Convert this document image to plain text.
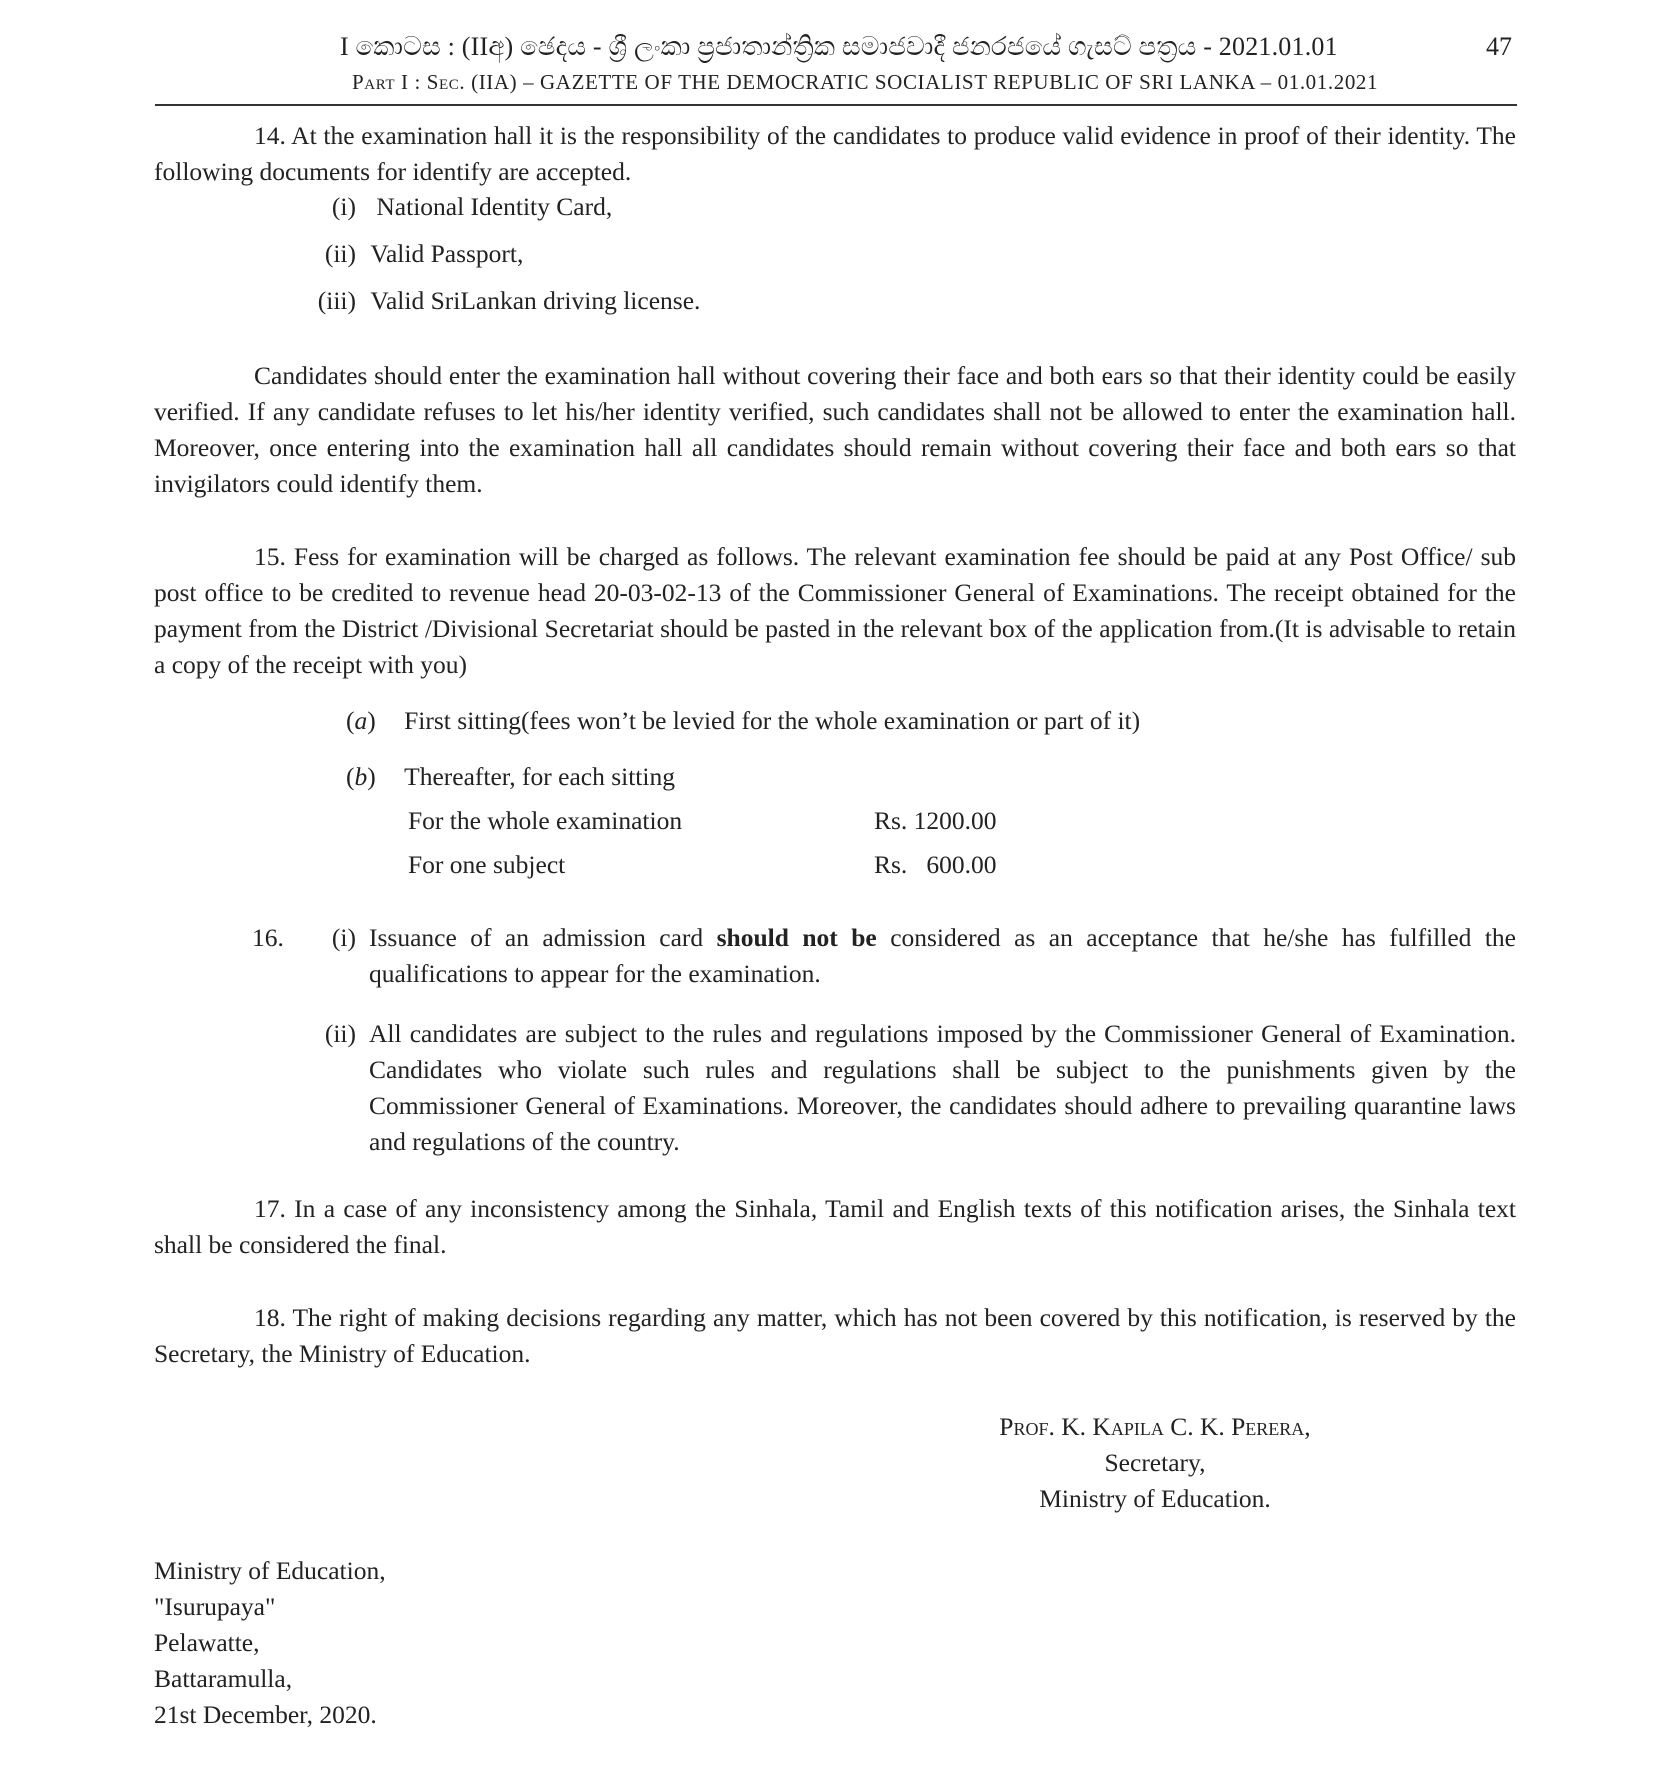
I කොටස : (IIඅ) ඡෙදය - ශ්‍රී ලංකා ප්‍රජාතාන්ත්‍රික සමාජවාදී ජනරජයේ ගැසට් පත්‍රය - 2021.01.01	47
Part I : Sec. (IIA) – GAZETTE OF THE DEMOCRATIC SOCIALIST REPUBLIC OF SRI LANKA – 01.01.2021
14. At the examination hall it is the responsibility of the candidates to produce valid evidence in proof of their identity. The following documents for identify are accepted.
(i) National Identity Card,
(ii) Valid Passport,
(iii) Valid SriLankan driving license.
Candidates should enter the examination hall without covering their face and both ears so that their identity could be easily verified. If any candidate refuses to let his/her identity verified, such candidates shall not be allowed to enter the examination hall. Moreover, once entering into the examination hall all candidates should remain without covering their face and both ears so that invigilators could identify them.
15. Fess for examination will be charged as follows. The relevant examination fee should be paid at any Post Office/ sub post office to be credited to revenue head 20-03-02-13 of the Commissioner General of Examinations. The receipt obtained for the payment from the District /Divisional Secretariat should be pasted in the relevant box of the application from.(It is advisable to retain a copy of the receipt with you)
(a) First sitting(fees won’t be levied for the whole examination or part of it)
(b) Thereafter, for each sitting
For the whole examination	Rs. 1200.00
For one subject	Rs.   600.00
16.	(i) Issuance of an admission card should not be considered as an acceptance that he/she has fulfilled the qualifications to appear for the examination.
(ii) All candidates are subject to the rules and regulations imposed by the Commissioner General of Examination. Candidates who violate such rules and regulations shall be subject to the punishments given by the Commissioner General of Examinations. Moreover, the candidates should adhere to prevailing quarantine laws and regulations of the country.
17. In a case of any inconsistency among the Sinhala, Tamil and English texts of this notification arises, the Sinhala text shall be considered the final.
18. The right of making decisions regarding any matter, which has not been covered by this notification, is reserved by the Secretary, the Ministry of Education.
Prof. K. Kapila C. K. Perera,
Secretary,
Ministry of Education.
Ministry of Education,
"Isurupaya"
Pelawatte,
Battaramulla,
21st December, 2020.
